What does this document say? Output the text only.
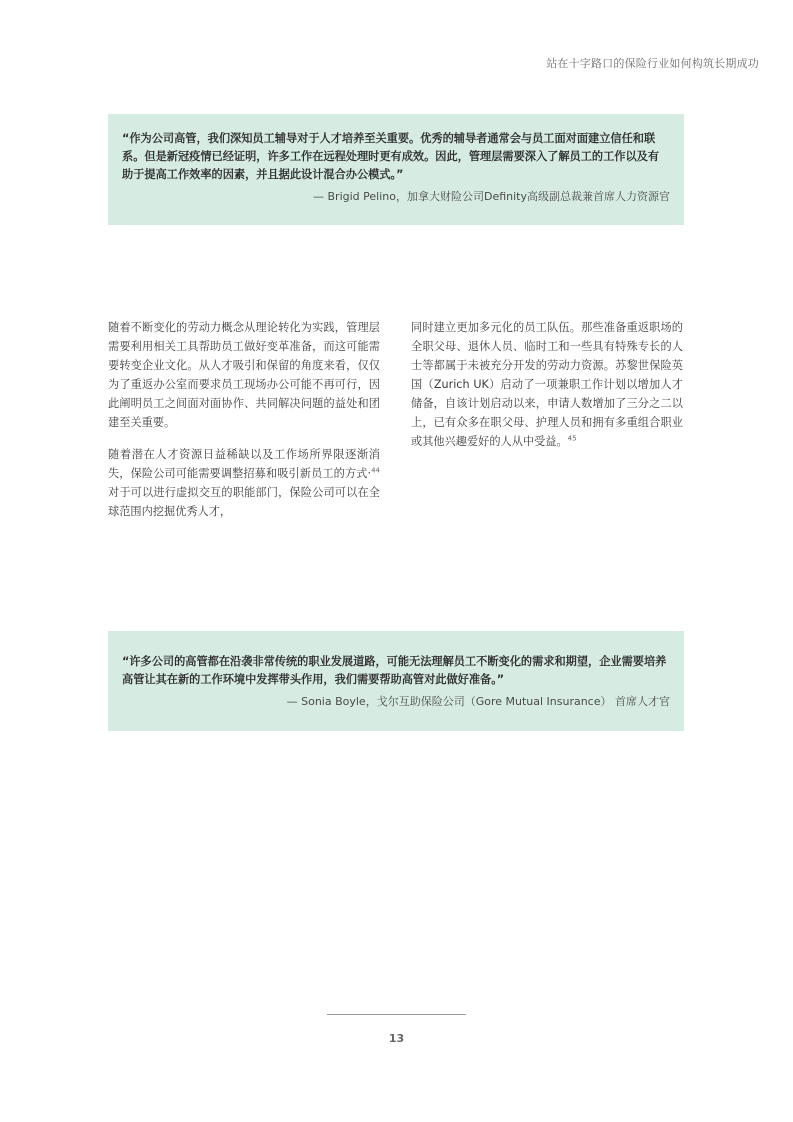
站在十字路口的保险行业如何构筑长期成功
“作为公司高管，我们深知员工辅导对于人才培养至关重要。优秀的辅导者通常会与员工面对面建立信任和联系。但是新冠疫情已经证明，许多工作在远程处理时更有成效。因此，管理层需要深入了解员工的工作以及有助于提高工作效率的因素，并且据此设计混合办公模式。”
— Brigid Pelino，加拿大财险公司Definity高级副总裁兼首席人力资源官

随着不断变化的劳动力概念从理论转化为实践，管理层需要利用相关工具帮助员工做好变革准备，而这可能需要转变企业文化。从人才吸引和保留的角度来看，仅仅为了重返办公室而要求员工现场办公可能不再可行，因此阐明员工之间面对面协作、共同解决问题的益处和团建至关重要。

随着潜在人才资源日益稀缺以及工作场所界限逐渐消失，保险公司可能需要调整招募和吸引新员工的方式·$^{44}$对于可以进行虚拟交互的职能部门，保险公司可以在全球范围内挖掘优秀人才，

同时建立更加多元化的员工队伍。那些准备重返职场的全职父母、退休人员、临时工和一些具有特殊专长的人士等都属于未被充分开发的劳动力资源。苏黎世保险英国（Zurich UK）启动了一项兼职工作计划以增加人才储备，自该计划启动以来，申请人数增加了三分之二以上，已有众多在职父母、护理人员和拥有多重组合职业或其他兴趣爱好的人从中受益。$^{45}$

“许多公司的高管都在沿袭非常传统的职业发展道路，可能无法理解员工不断变化的需求和期望，企业需要培养高管让其在新的工作环境中发挥带头作用，我们需要帮助高管对此做好准备。”
— Sonia Boyle，戈尔互助保险公司（Gore Mutual Insurance） 首席人才官
13
